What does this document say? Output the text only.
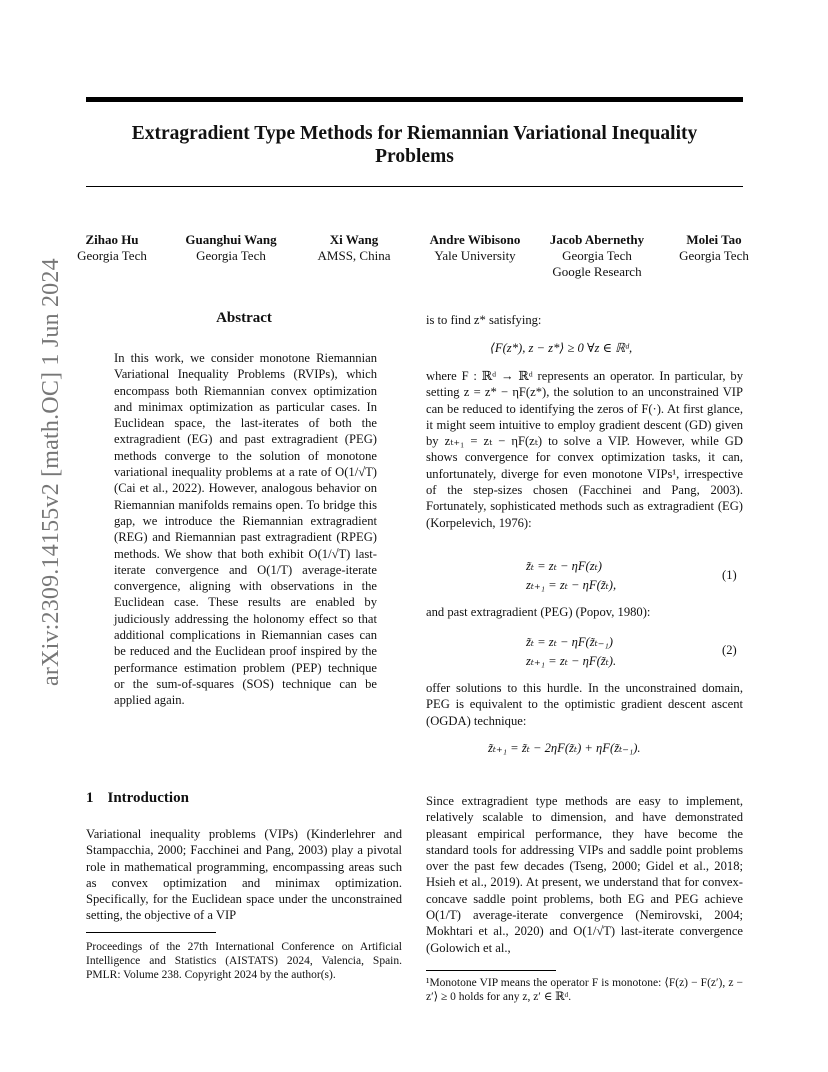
Extragradient Type Methods for Riemannian Variational Inequality
Problems
arXiv:2309.14155v2 [math.OC] 1 Jun 2024
Zihao Hu
Georgia Tech
Guanghui Wang
Georgia Tech
Xi Wang
AMSS, China
Andre Wibisono
Yale University
Jacob Abernethy
Georgia Tech
Google Research
Molei Tao
Georgia Tech
Abstract

In this work, we consider monotone Riemannian Variational Inequality Problems (RVIPs), which encompass both Riemannian convex optimization and minimax optimization as particular cases. In Euclidean space, the last-iterates of both the extragradient (EG) and past extragradient (PEG) methods converge to the solution of monotone variational inequality problems at a rate of O(1/√T) (Cai et al., 2022). However, analogous behavior on Riemannian manifolds remains open. To bridge this gap, we introduce the Riemannian extragradient (REG) and Riemannian past extragradient (RPEG) methods. We show that both exhibit O(1/√T) last-iterate convergence and O(1/T) average-iterate convergence, aligning with observations in the Euclidean case. These results are enabled by judiciously addressing the holonomy effect so that additional complications in Riemannian cases can be reduced and the Euclidean proof inspired by the performance estimation problem (PEP) technique or the sum-of-squares (SOS) technique can be applied again.

1 Introduction

Variational inequality problems (VIPs) (Kinderlehrer and Stampacchia, 2000; Facchinei and Pang, 2003) play a pivotal role in mathematical programming, encompassing areas such as convex optimization and minimax optimization. Specifically, for the Euclidean space under the unconstrained setting, the objective of a VIP

Proceedings of the 27th International Conference on Artificial Intelligence and Statistics (AISTATS) 2024, Valencia, Spain. PMLR: Volume 238. Copyright 2024 by the author(s).

is to find z* satisfying:

⟨F(z*), z − z*⟩ ≥ 0 ∀z ∈ ℝᵈ,

where F : ℝᵈ → ℝᵈ represents an operator. In particular, by setting z = z* − ηF(z*), the solution to an unconstrained VIP can be reduced to identifying the zeros of F(·). At first glance, it might seem intuitive to employ gradient descent (GD) given by zₜ₊₁ = zₜ − ηF(zₜ) to solve a VIP. However, while GD shows convergence for convex optimization tasks, it can, unfortunately, diverge for even monotone VIPs¹, irrespective of the step-sizes chosen (Facchinei and Pang, 2003). Fortunately, sophisticated methods such as extragradient (EG) (Korpelevich, 1976):

z̃ₜ = zₜ − ηF(zₜ)
zₜ₊₁ = zₜ − ηF(z̃ₜ),
(1)

and past extragradient (PEG) (Popov, 1980):

z̃ₜ = zₜ − ηF(z̃ₜ₋₁)
zₜ₊₁ = zₜ − ηF(z̃ₜ).
(2)

offer solutions to this hurdle. In the unconstrained domain, PEG is equivalent to the optimistic gradient descent ascent (OGDA) technique:

z̃ₜ₊₁ = z̃ₜ − 2ηF(z̃ₜ) + ηF(z̃ₜ₋₁).

Since extragradient type methods are easy to implement, relatively scalable to dimension, and have demonstrated pleasant empirical performance, they have become the standard tools for addressing VIPs and saddle point problems over the past few decades (Tseng, 2000; Gidel et al., 2018; Hsieh et al., 2019). At present, we understand that for convex-concave saddle point problems, both EG and PEG achieve O(1/T) average-iterate convergence (Nemirovski, 2004; Mokhtari et al., 2020) and O(1/√T) last-iterate convergence (Golowich et al.,

¹Monotone VIP means the operator F is monotone: ⟨F(z) − F(z′), z − z′⟩ ≥ 0 holds for any z, z′ ∈ ℝᵈ.
